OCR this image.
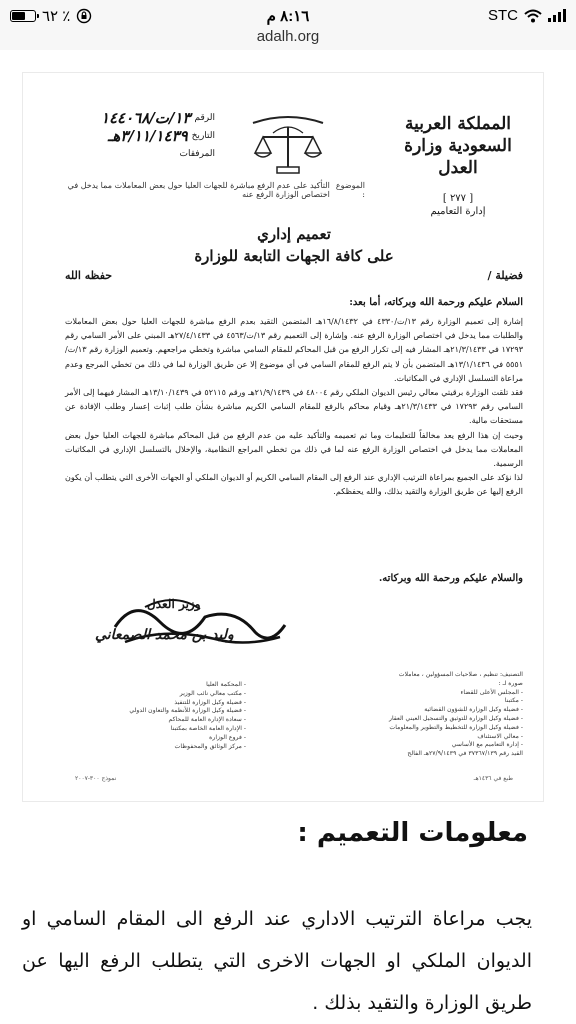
٦٢ ٪	٨:١٦ م	STC
adalh.org
الرقم
١٣/ت/١٤٤٠٦٨
التاريخ
٣/١١/١٤٣٩هـ
المرفقات
المملكة العربية السعودية وزارة العدل
[ ٢٧٧ ]
إدارة التعاميم
الموضوع :
التأكيد على عدم الرفع مباشرة للجهات العليا حول بعض المعاملات مما يدخل في اختصاص الوزارة الرفع عنه
تعميم إداري
على كافة الجهات التابعة للوزارة
فضيلة /
حفظه الله
السلام عليكم ورحمة الله وبركاته، أما بعد:

إشارة إلى تعميم الوزارة رقم ١٣/ت/٤٣٣٠ في ١٦/٨/١٤٣٢هـ المتضمن التقيد بعدم الرفع مباشرة للجهات العليا حول بعض المعاملات والطلبات مما يدخل في اختصاص الوزارة الرفع عنه. وإشارة إلى التعميم رقم ١٣/ت/٤٥٦٣ في ٢٧/٤/١٤٣٣هـ المبني على الأمر السامي رقم ١٧٢٩٣ في ٢١/٣/١٤٣٣هـ المشار فيه إلى تكرار الرفع من قبل المحاكم للمقام السامي مباشرة وتخطي مراجعهم. وتعميم الوزارة رقم ١٣/ت/٥٥٥١ في ١٣/١/١٤٣٦هـ المتضمن بأن لا يتم الرفع للمقام السامي في أي موضوع إلا عن طريق الوزارة لما في ذلك من تخطي المرجع وعدم مراعاة التسلسل الإداري في المكاتبات.

فقد تلقت الوزارة برقيتي معالي رئيس الديوان الملكي رقم ٤٨٠٠٤ في ٢١/٩/١٤٣٩هـ ورقم ٥٢١١٥ في ١٣/١٠/١٤٣٩هـ المشار فيهما إلى الأمر السامي رقم ١٧٢٩٣ في ٢١/٣/١٤٣٣هـ وقيام محاكم بالرفع للمقام السامي الكريم مباشرة بشأن طلب إثبات إعسار وطلب الإفادة عن مستحقات مالية.

وحيث إن هذا الرفع يعد مخالفاً للتعليمات وما تم تعميمه والتأكيد عليه من عدم الرفع من قبل المحاكم مباشرة للجهات العليا حول بعض المعاملات مما يدخل في اختصاص الوزارة الرفع عنه لما في ذلك من تخطي المراجع النظامية، والإخلال بالتسلسل الإداري في المكاتبات الرسمية.

لذا نؤكد على الجميع بمراعاة الترتيب الإداري عند الرفع إلى المقام السامي الكريم أو الديوان الملكي أو الجهات الأخرى التي يتطلب أن يكون الرفع إليها عن طريق الوزارة والتقيد بذلك، والله يحفظكم.

والسلام عليكم ورحمة الله وبركاته.
وزير العدل
وليد بن محمد الصمعاني
- المحكمة العليا
- مكتب معالي نائب الوزير
- فضيلة وكيل الوزارة للتنفيذ
- فضيلة وكيل الوزارة للأنظمة والتعاون الدولي
- سعادة الإدارة العامة للمحاكم
- الإدارة العامة الخاصة بمكتبنا
- فروع الوزارة
- مركز الوثائق والمحفوظات
التصنيف: تنظيم ، صلاحيات المسؤولين ، معاملات
صورة لـ :
- المجلس الأعلى للقضاء
- مكتبنا
- فضيلة وكيل الوزارة للشؤون القضائية
- فضيلة وكيل الوزارة للتوثيق والتسجيل العيني العقار
- فضيلة وكيل الوزارة للتخطيط والتطوير والمعلومات
- معالي الاستئناف
- إدارة التعاميم مع الأساسي
القيد رقم ٣٧٣٦٧/١٣٩ في ٢٧/٩/١٤٣٩هـ الفالح
نموذج ٣٠٠-٢٠٠٧	طبع في ١٤٣٦هـ
معلومات التعميم :
يجب مراعاة الترتيب الاداري عند الرفع الى المقام السامي او الديوان الملكي او الجهات الاخرى التي يتطلب الرفع اليها عن طريق الوزارة والتقيد بذلك .
